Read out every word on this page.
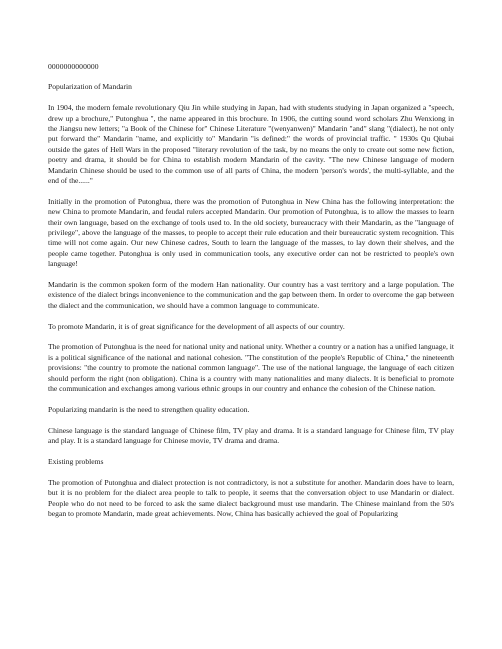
0000000000000

Popularization of Mandarin

In 1904, the modern female revolutionary Qiu Jin while studying in Japan, had with students studying in Japan organized a "speech, drew up a brochure," Putonghua ", the name appeared in this brochure. In 1906, the cutting sound word scholars Zhu Wenxiong in the Jiangsu new letters; "a Book of the Chinese for" Chinese Literature "(wenyanwen)" Mandarin "and" slang "(dialect), he not only put forward the" Mandarin "name, and explicitly to" Mandarin "is defined:" the words of provincial traffic. " 1930s Qu Qiubai outside the gates of Hell Wars in the proposed "literary revolution of the task, by no means the only to create out some new fiction, poetry and drama, it should be for China to establish modern Mandarin of the cavity. "The new Chinese language of modern Mandarin Chinese should be used to the common use of all parts of China, the modern 'person's words', the multi-syllable, and the end of the......"

Initially in the promotion of Putonghua, there was the promotion of Putonghua in New China has the following interpretation: the new China to promote Mandarin, and feudal rulers accepted Mandarin. Our promotion of Putonghua, is to allow the masses to learn their own language, based on the exchange of tools used to. In the old society, bureaucracy with their Mandarin, as the "language of privilege", above the language of the masses, to people to accept their rule education and their bureaucratic system recognition. This time will not come again. Our new Chinese cadres, South to learn the language of the masses, to lay down their shelves, and the people came together. Putonghua is only used in communication tools, any executive order can not be restricted to people's own language!

Mandarin is the common spoken form of the modern Han nationality. Our country has a vast territory and a large population. The existence of the dialect brings inconvenience to the communication and the gap between them. In order to overcome the gap between the dialect and the communication, we should have a common language to communicate.

To promote Mandarin, it is of great significance for the development of all aspects of our country.

The promotion of Putonghua is the need for national unity and national unity. Whether a country or a nation has a unified language, it is a political significance of the national and national cohesion. "The constitution of the people's Republic of China," the nineteenth provisions: "the country to promote the national common language". The use of the national language, the language of each citizen should perform the right (non obligation). China is a country with many nationalities and many dialects. It is beneficial to promote the communication and exchanges among various ethnic groups in our country and enhance the cohesion of the Chinese nation.

Popularizing mandarin is the need to strengthen quality education.

Chinese language is the standard language of Chinese film, TV play and drama. It is a standard language for Chinese film, TV play and play. It is a standard language for Chinese movie, TV drama and drama.

Existing problems

The promotion of Putonghua and dialect protection is not contradictory, is not a substitute for another. Mandarin does have to learn, but it is no problem for the dialect area people to talk to people, it seems that the conversation object to use Mandarin or dialect. People who do not need to be forced to ask the same dialect background must use mandarin. The Chinese mainland from the 50's began to promote Mandarin, made great achievements. Now, China has basically achieved the goal of Popularizing
